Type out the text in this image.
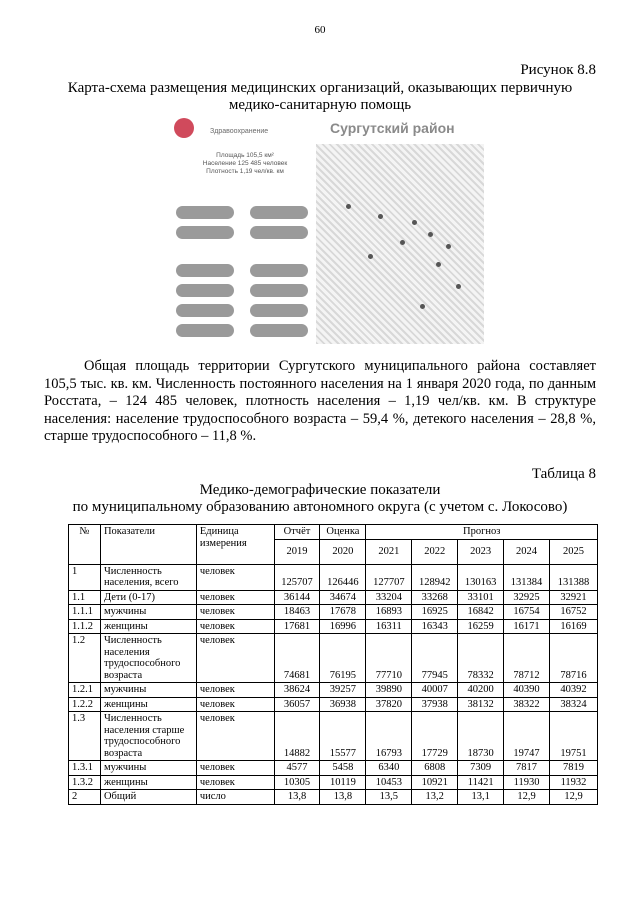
60
Рисунок 8.8
Карта-схема размещения медицинских организаций, оказывающих первичную медико-санитарную помощь
Здравоохранение	Сургутский район
Площадь 105,5 км²
Население 125 485 человек
Плотность 1,19 чел/кв. км
Общая площадь территории Сургутского муниципального района составляет 105,5 тыс. кв. км. Численность постоянного населения на 1 января 2020 года, по данным Росстата, – 124 485 человек, плотность населения – 1,19 чел/кв. км. В структуре населения: население трудоспособного возраста – 59,4 %, детекого населения – 28,8 %, старше трудоспособного – 11,8 %.
Таблица 8
Медико-демографические показатели
по муниципальному образованию автономного округа (с учетом с. Локосово)
№	Показатели	Единица измерения	Отчёт	Оценка	Прогноз				
			2019	2020	2021	2022	2023	2024	2025
1	Численность населения, всего	человек	125707	126446	127707	128942	130163	131384	131388
1.1	Дети (0-17)	человек	36144	34674	33204	33268	33101	32925	32921
1.1.1	мужчины	человек	18463	17678	16893	16925	16842	16754	16752
1.1.2	женщины	человек	17681	16996	16311	16343	16259	16171	16169
1.2	Численность населения трудоспособного возраста	человек	74681	76195	77710	77945	78332	78712	78716
1.2.1	мужчины	человек	38624	39257	39890	40007	40200	40390	40392
1.2.2	женщины	человек	36057	36938	37820	37938	38132	38322	38324
1.3	Численность населения старше трудоспособного возраста	человек	14882	15577	16793	17729	18730	19747	19751
1.3.1	мужчины	человек	4577	5458	6340	6808	7309	7817	7819
1.3.2	женщины	человек	10305	10119	10453	10921	11421	11930	11932
2	Общий	число	13,8	13,8	13,5	13,2	13,1	12,9	12,9
